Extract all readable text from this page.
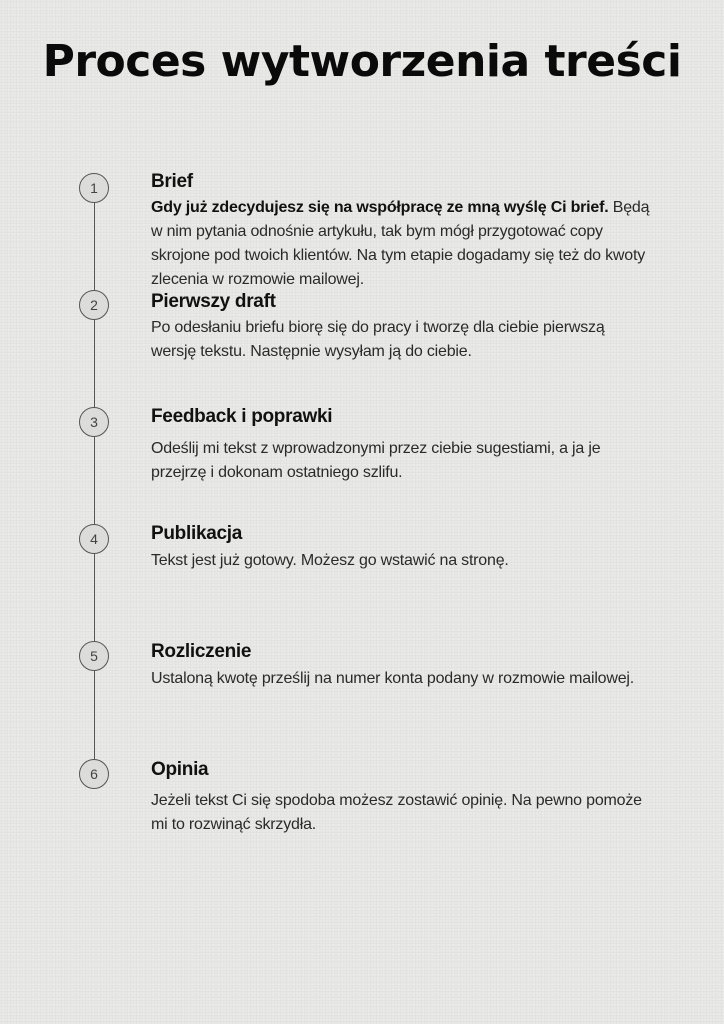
Proces wytworzenia treści
1	Brief
Gdy już zdecydujesz się na współpracę ze mną wyślę Ci brief. Będą w nim pytania odnośnie artykułu, tak bym mógł przygotować copy skrojone pod twoich klientów. Na tym etapie dogadamy się też do kwoty zlecenia w rozmowie mailowej.
2	Pierwszy draft
Po odesłaniu briefu biorę się do pracy i tworzę dla ciebie pierwszą wersję tekstu. Następnie wysyłam ją do ciebie.
3	Feedback i poprawki
Odeślij mi tekst z wprowadzonymi przez ciebie sugestiami, a ja je przejrzę i dokonam ostatniego szlifu.
4	Publikacja
Tekst jest już gotowy. Możesz go wstawić na stronę.
5	Rozliczenie
Ustaloną kwotę prześlij na numer konta podany w rozmowie mailowej.
6	Opinia
Jeżeli tekst Ci się spodoba możesz zostawić opinię. Na pewno pomoże mi to rozwinąć skrzydła.
